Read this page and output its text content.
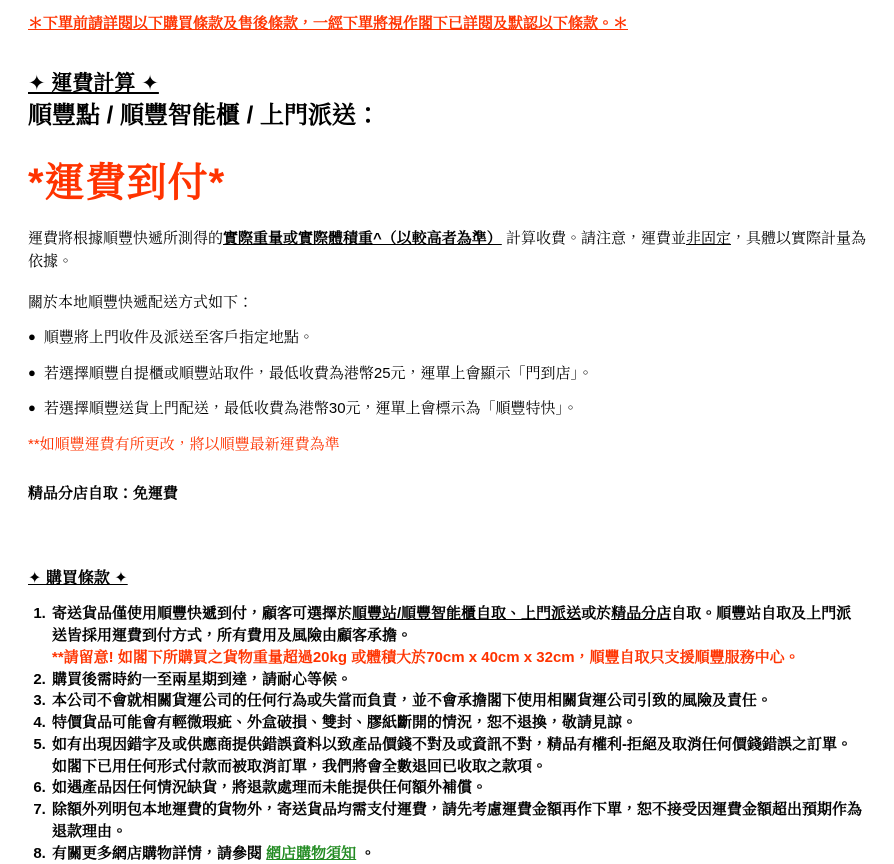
＊下單前請詳閱以下購買條款及售後條款，一經下單將視作閣下已詳閱及默認以下條款。＊

✦ 運費計算 ✦
順豐點 / 順豐智能櫃 / 上門派送：
*運費到付*

運費將根據順豐快遞所測得的實際重量或實際體積重^（以較高者為準） 計算收費。請注意，運費並非固定，具體以實際計量為依據。

關於本地順豐快遞配送方式如下：

● 順豐將上門收件及派送至客戶指定地點。
● 若選擇順豐自提櫃或順豐站取件，最低收費為港幣25元，運單上會顯示「門到店」。
● 若選擇順豐送貨上門配送，最低收費為港幣30元，運單上會標示為「順豐特快」。

**如順豐運費有所更改，將以順豐最新運費為準

精品分店自取：免運費

✦ 購買條款 ✦
1. 寄送貨品僅使用順豐快遞到付，顧客可選擇於順豐站/順豐智能櫃自取、上門派送或於精品分店自取。順豐站自取及上門派送皆採用運費到付方式，所有費用及風險由顧客承擔。
**請留意! 如閣下所購買之貨物重量超過20kg 或體積大於70cm x 40cm x 32cm，順豐自取只支援順豐服務中心。
2. 購買後需時約一至兩星期到達，請耐心等候。
3. 本公司不會就相關貨運公司的任何行為或失當而負責，並不會承擔閣下使用相關貨運公司引致的風險及責任。
4. 特價貨品可能會有輕微瑕疵、外盒破損、雙封、膠紙斷開的情況，恕不退換，敬請見諒。
5. 如有出現因錯字及或供應商提供錯誤資料以致產品價錢不對及或資訊不對，精品有權利-拒絕及取消任何價錢錯誤之訂單。如閣下已用任何形式付款而被取消訂單，我們將會全數退回已收取之款項。
6. 如遇產品因任何情況缺貨，將退款處理而未能提供任何額外補償。
7. 除額外列明包本地運費的貨物外，寄送貨品均需支付運費，請先考慮運費金額再作下單，恕不接受因運費金額超出預期作為退款理由。
8. 有關更多網店購物詳情，請參閱 網店購物須知 。
